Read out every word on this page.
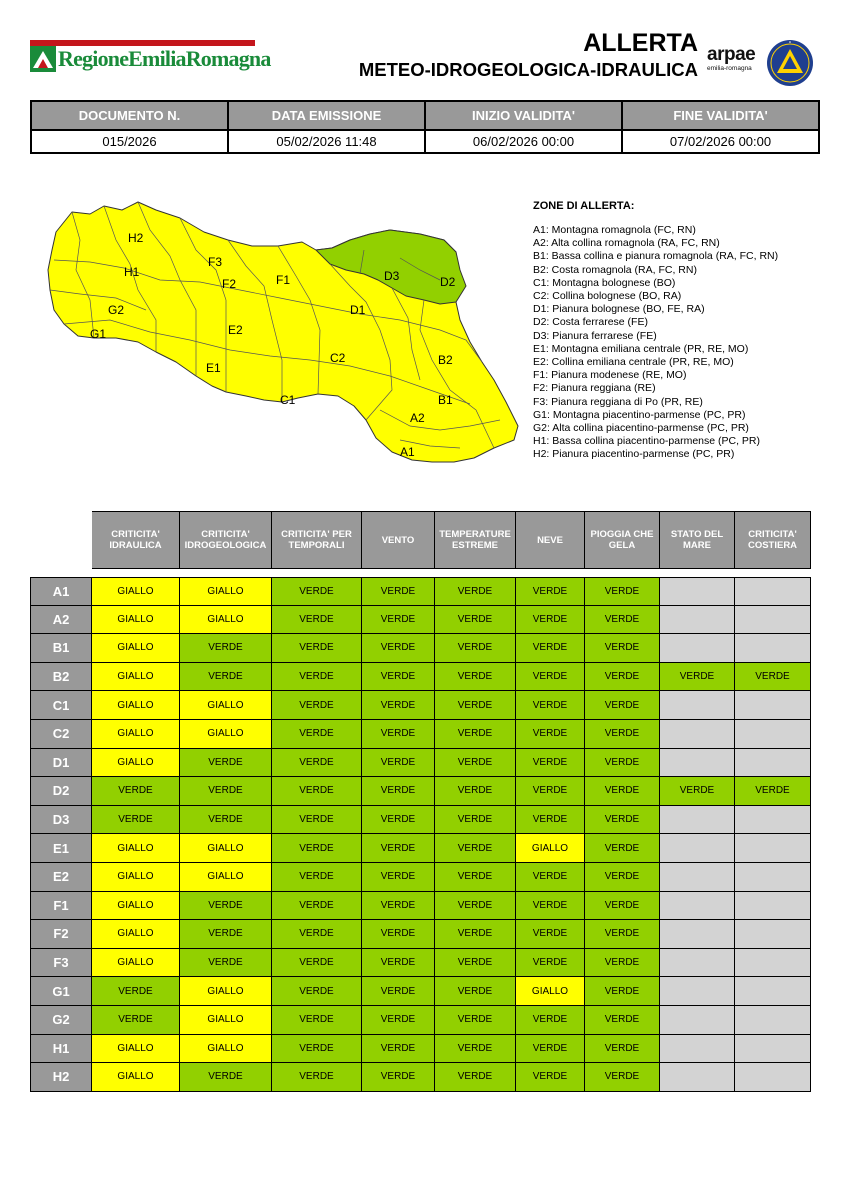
RegioneEmiliaRomagna
ALLERTA
METEO-IDROGEOLOGICA-IDRAULICA
arpae
emilia-romagna
DOCUMENTO N.	DATA EMISSIONE	INIZIO VALIDITA'	FINE VALIDITA'
015/2026	05/02/2026 11:48	06/02/2026 00:00	07/02/2026 00:00
H2
H1
G2
G1
F3
F2	F1
E2
E1
D3	D2
D1
C2
C1
B2
B1
A2
A1
ZONE DI ALLERTA:
A1: Montagna romagnola (FC, RN)
A2: Alta collina romagnola (RA, FC, RN)
B1: Bassa collina e pianura romagnola (RA, FC, RN)
B2: Costa romagnola (RA, FC, RN)
C1: Montagna bolognese (BO)
C2: Collina bolognese (BO, RA)
D1: Pianura bolognese (BO, FE, RA)
D2: Costa ferrarese (FE)
D3: Pianura ferrarese (FE)
E1: Montagna emiliana centrale (PR, RE, MO)
E2: Collina emiliana centrale (PR, RE, MO)
F1: Pianura modenese (RE, MO)
F2: Pianura reggiana (RE)
F3: Pianura reggiana di Po (PR, RE)
G1: Montagna piacentino-parmense (PC, PR)
G2: Alta collina piacentino-parmense (PC, PR)
H1: Bassa collina piacentino-parmense (PC, PR)
H2: Pianura piacentino-parmense (PC, PR)
	CRITICITA' IDRAULICA	CRITICITA' IDROGEOLOGICA	CRITICITA' PER TEMPORALI	VENTO	TEMPERATURE ESTREME	NEVE	PIOGGIA CHE GELA	STATO DEL MARE	CRITICITA' COSTIERA

A1	GIALLO	GIALLO	VERDE	VERDE	VERDE	VERDE	VERDE		
A2	GIALLO	GIALLO	VERDE	VERDE	VERDE	VERDE	VERDE		
B1	GIALLO	VERDE	VERDE	VERDE	VERDE	VERDE	VERDE		
B2	GIALLO	VERDE	VERDE	VERDE	VERDE	VERDE	VERDE	VERDE	VERDE
C1	GIALLO	GIALLO	VERDE	VERDE	VERDE	VERDE	VERDE		
C2	GIALLO	GIALLO	VERDE	VERDE	VERDE	VERDE	VERDE		
D1	GIALLO	VERDE	VERDE	VERDE	VERDE	VERDE	VERDE		
D2	VERDE	VERDE	VERDE	VERDE	VERDE	VERDE	VERDE	VERDE	VERDE
D3	VERDE	VERDE	VERDE	VERDE	VERDE	VERDE	VERDE		
E1	GIALLO	GIALLO	VERDE	VERDE	VERDE	GIALLO	VERDE		
E2	GIALLO	GIALLO	VERDE	VERDE	VERDE	VERDE	VERDE		
F1	GIALLO	VERDE	VERDE	VERDE	VERDE	VERDE	VERDE		
F2	GIALLO	VERDE	VERDE	VERDE	VERDE	VERDE	VERDE		
F3	GIALLO	VERDE	VERDE	VERDE	VERDE	VERDE	VERDE		
G1	VERDE	GIALLO	VERDE	VERDE	VERDE	GIALLO	VERDE		
G2	VERDE	GIALLO	VERDE	VERDE	VERDE	VERDE	VERDE		
H1	GIALLO	GIALLO	VERDE	VERDE	VERDE	VERDE	VERDE		
H2	GIALLO	VERDE	VERDE	VERDE	VERDE	VERDE	VERDE		
